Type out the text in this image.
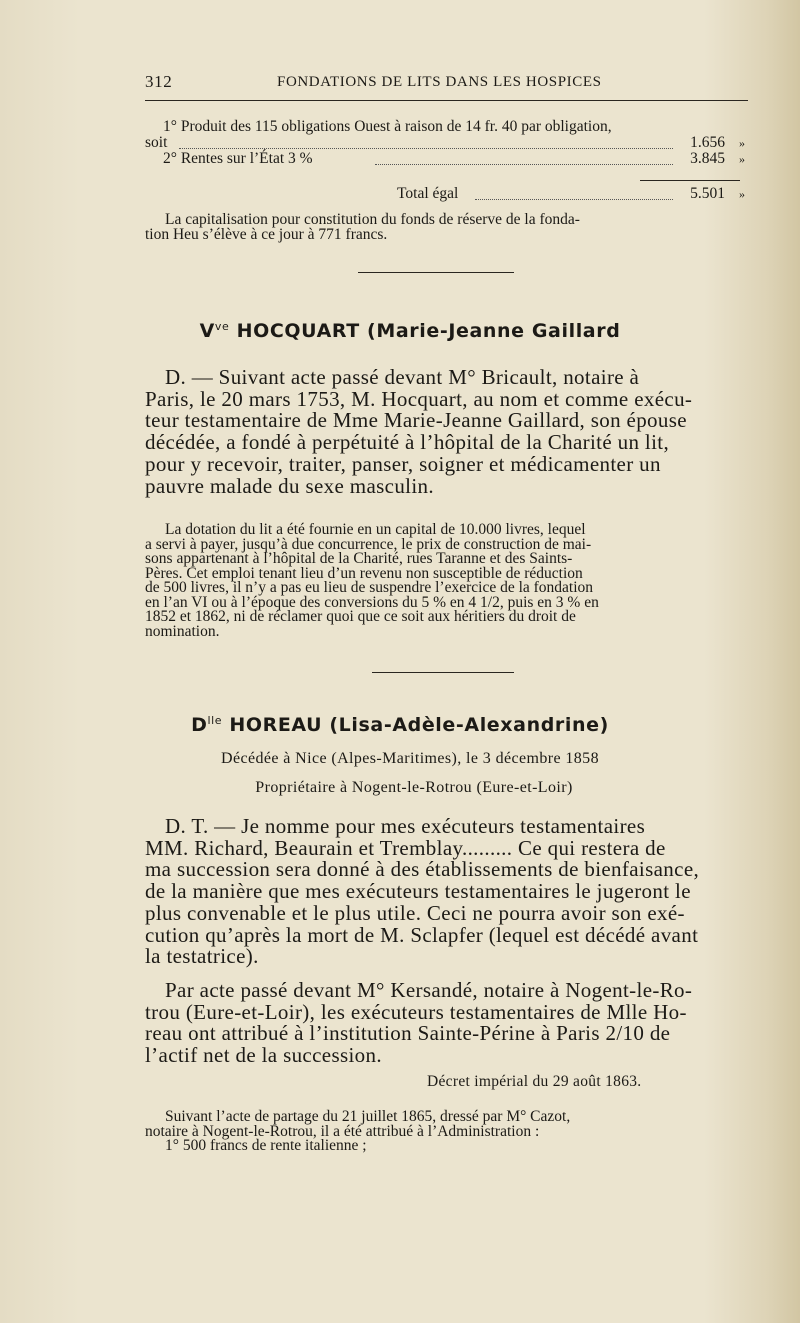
312	FONDATIONS DE LITS DANS LES HOSPICES
1° Produit des 115 obligations Ouest à raison de 14 fr. 40 par obligation,
soit	1.656 »
2° Rentes sur l’État 3 %	3.845 »
Total égal	5.501 »

La capitalisation pour constitution du fonds de réserve de la fonda-
tion Heu s’élève à ce jour à 771 francs.

$V^{ve}$ HOCQUART (Marie-Jeanne Gaillard

D. — Suivant acte passé devant M° Bricault, notaire à
Paris, le 20 mars 1753, M. Hocquart, au nom et comme exécu-
teur testamentaire de Mme Marie-Jeanne Gaillard, son épouse
décédée, a fondé à perpétuité à l’hôpital de la Charité un lit,
pour y recevoir, traiter, panser, soigner et médicamenter un
pauvre malade du sexe masculin.

La dotation du lit a été fournie en un capital de 10.000 livres, lequel
a servi à payer, jusqu’à due concurrence, le prix de construction de mai-
sons appartenant à l’hôpital de la Charité, rues Taranne et des Saints-
Pères. Cet emploi tenant lieu d’un revenu non susceptible de réduction
de 500 livres, il n’y a pas eu lieu de suspendre l’exercice de la fondation
en l’an VI ou à l’époque des conversions du 5 % en 4 1/2, puis en 3 % en
1852 et 1862, ni de réclamer quoi que ce soit aux héritiers du droit de
nomination.

$D^{lle}$ HOREAU (Lisa-Adèle-Alexandrine)
Décédée à Nice (Alpes-Maritimes), le 3 décembre 1858
Propriétaire à Nogent-le-Rotrou (Eure-et-Loir)

D. T. — Je nomme pour mes exécuteurs testamentaires
MM. Richard, Beaurain et Tremblay......... Ce qui restera de
ma succession sera donné à des établissements de bienfaisance,
de la manière que mes exécuteurs testamentaires le jugeront le
plus convenable et le plus utile. Ceci ne pourra avoir son exé-
cution qu’après la mort de M. Sclapfer (lequel est décédé avant
la testatrice).

Par acte passé devant M° Kersandé, notaire à Nogent-le-Ro-
trou (Eure-et-Loir), les exécuteurs testamentaires de Mlle Ho-
reau ont attribué à l’institution Sainte-Périne à Paris 2/10 de
l’actif net de la succession.

Décret impérial du 29 août 1863.

Suivant l’acte de partage du 21 juillet 1865, dressé par M° Cazot,
notaire à Nogent-le-Rotrou, il a été attribué à l’Administration :
1° 500 francs de rente italienne ;
